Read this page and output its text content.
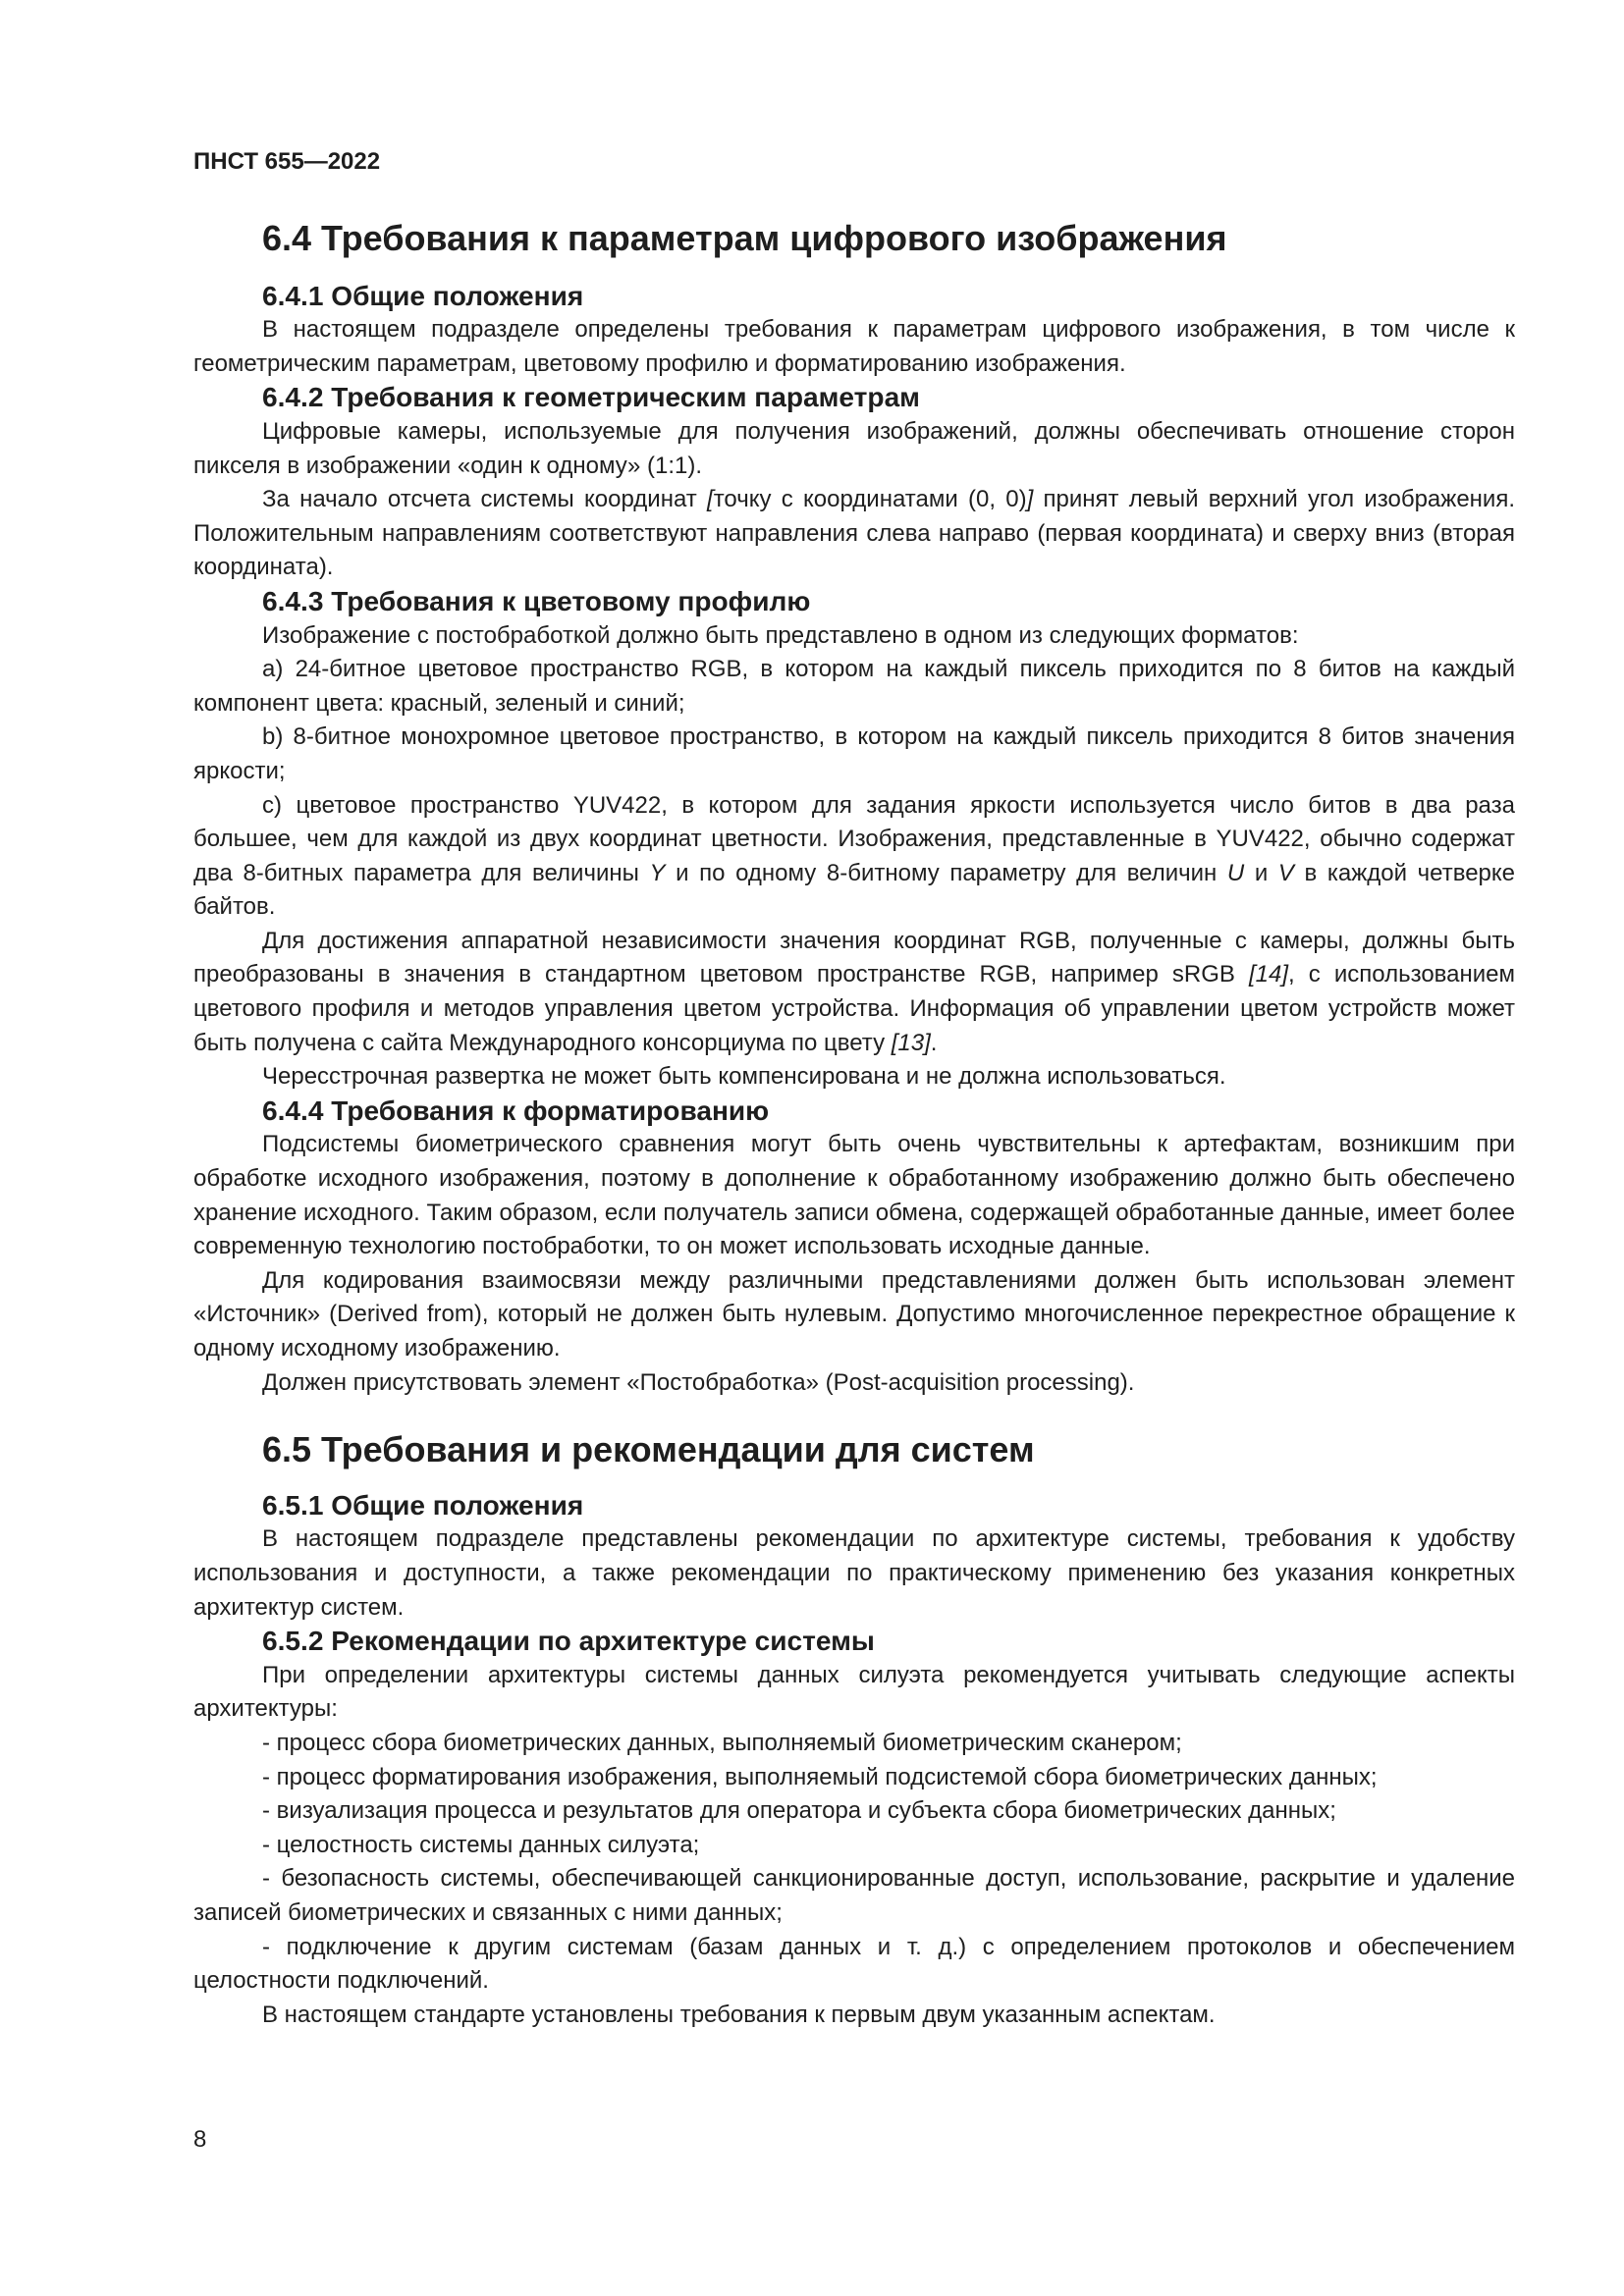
ПНСТ 655—2022
6.4 Требования к параметрам цифрового изображения
6.4.1 Общие положения

В настоящем подразделе определены требования к параметрам цифрового изображения, в том числе к геометрическим параметрам, цветовому профилю и форматированию изображения.

6.4.2 Требования к геометрическим параметрам

Цифровые камеры, используемые для получения изображений, должны обеспечивать отношение сторон пикселя в изображении «один к одному» (1:1).

За начало отсчета системы координат [точку с координатами (0, 0)] принят левый верхний угол изображения. Положительным направлениям соответствуют направления слева направо (первая координата) и сверху вниз (вторая координата).

6.4.3 Требования к цветовому профилю

Изображение с постобработкой должно быть представлено в одном из следующих форматов:

а) 24-битное цветовое пространство RGB, в котором на каждый пиксель приходится по 8 битов на каждый компонент цвета: красный, зеленый и синий;

b) 8-битное монохромное цветовое пространство, в котором на каждый пиксель приходится 8 битов значения яркости;

с) цветовое пространство YUV422, в котором для задания яркости используется число битов в два раза большее, чем для каждой из двух координат цветности. Изображения, представленные в YUV422, обычно содержат два 8-битных параметра для величины Y и по одному 8-битному параметру для величин U и V в каждой четверке байтов.

Для достижения аппаратной независимости значения координат RGB, полученные с камеры, должны быть преобразованы в значения в стандартном цветовом пространстве RGB, например sRGB [14], с использованием цветового профиля и методов управления цветом устройства. Информация об управлении цветом устройств может быть получена с сайта Международного консорциума по цвету [13].

Чересстрочная развертка не может быть компенсирована и не должна использоваться.

6.4.4 Требования к форматированию

Подсистемы биометрического сравнения могут быть очень чувствительны к артефактам, возникшим при обработке исходного изображения, поэтому в дополнение к обработанному изображению должно быть обеспечено хранение исходного. Таким образом, если получатель записи обмена, содержащей обработанные данные, имеет более современную технологию постобработки, то он может использовать исходные данные.

Для кодирования взаимосвязи между различными представлениями должен быть использован элемент «Источник» (Derived from), который не должен быть нулевым. Допустимо многочисленное перекрестное обращение к одному исходному изображению.

Должен присутствовать элемент «Постобработка» (Post-acquisition processing).

6.5 Требования и рекомендации для систем
6.5.1 Общие положения

В настоящем подразделе представлены рекомендации по архитектуре системы, требования к удобству использования и доступности, а также рекомендации по практическому применению без указания конкретных архитектур систем.

6.5.2 Рекомендации по архитектуре системы

При определении архитектуры системы данных силуэта рекомендуется учитывать следующие аспекты архитектуры:

- процесс сбора биометрических данных, выполняемый биометрическим сканером;

- процесс форматирования изображения, выполняемый подсистемой сбора биометрических данных;

- визуализация процесса и результатов для оператора и субъекта сбора биометрических данных;

- целостность системы данных силуэта;

- безопасность системы, обеспечивающей санкционированные доступ, использование, раскрытие и удаление записей биометрических и связанных с ними данных;

- подключение к другим системам (базам данных и т. д.) с определением протоколов и обеспечением целостности подключений.

В настоящем стандарте установлены требования к первым двум указанным аспектам.

8
